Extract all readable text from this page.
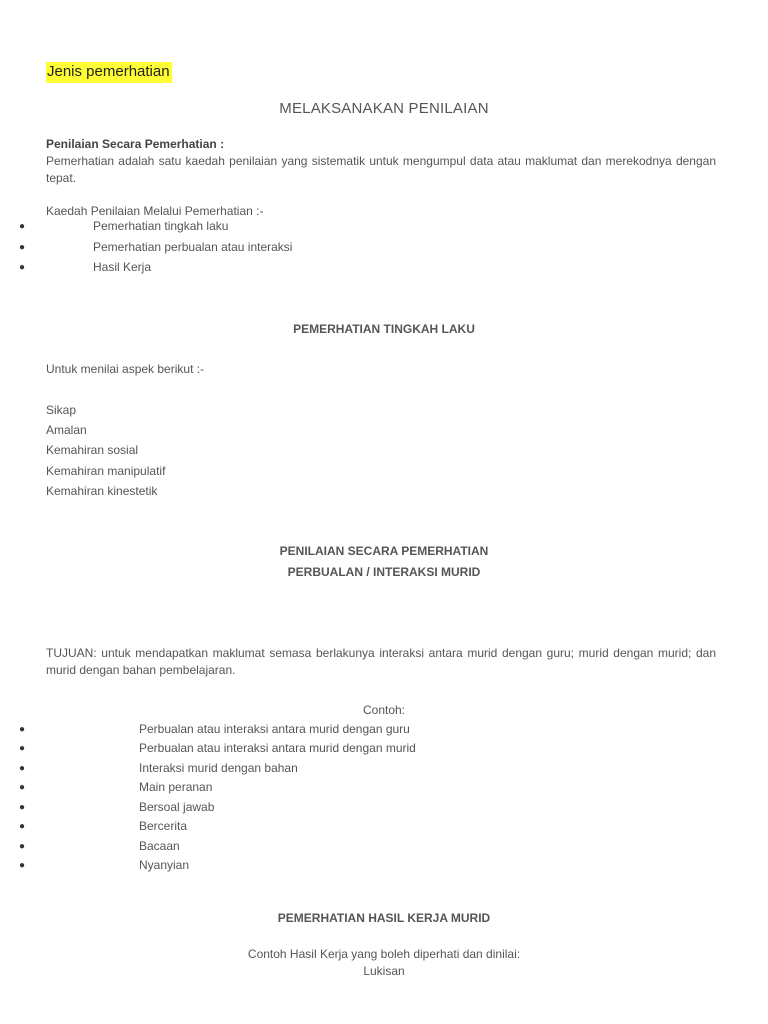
Jenis pemerhatian
MELAKSANAKAN PENILAIAN
Penilaian Secara Pemerhatian :
Pemerhatian adalah satu kaedah penilaian yang sistematik untuk mengumpul data atau maklumat dan merekodnya dengan tepat.
Kaedah Penilaian Melalui Pemerhatian :-
●	Pemerhatian tingkah laku
●	Pemerhatian perbualan atau interaksi
●	Hasil Kerja
PEMERHATIAN TINGKAH LAKU
Untuk menilai aspek berikut :-
Sikap
Amalan
Kemahiran sosial
Kemahiran manipulatif
Kemahiran kinestetik
PENILAIAN SECARA PEMERHATIAN
PERBUALAN / INTERAKSI MURID
TUJUAN: untuk mendapatkan maklumat semasa berlakunya interaksi antara murid dengan guru; murid dengan murid; dan murid dengan bahan pembelajaran.
Contoh:
●	Perbualan atau interaksi antara murid dengan guru
●	Perbualan atau interaksi antara murid dengan murid
●	Interaksi murid dengan bahan
●	Main peranan
●	Bersoal jawab
●	Bercerita
●	Bacaan
●	Nyanyian
PEMERHATIAN HASIL KERJA MURID
Contoh Hasil Kerja yang boleh diperhati dan dinilai:
Lukisan
